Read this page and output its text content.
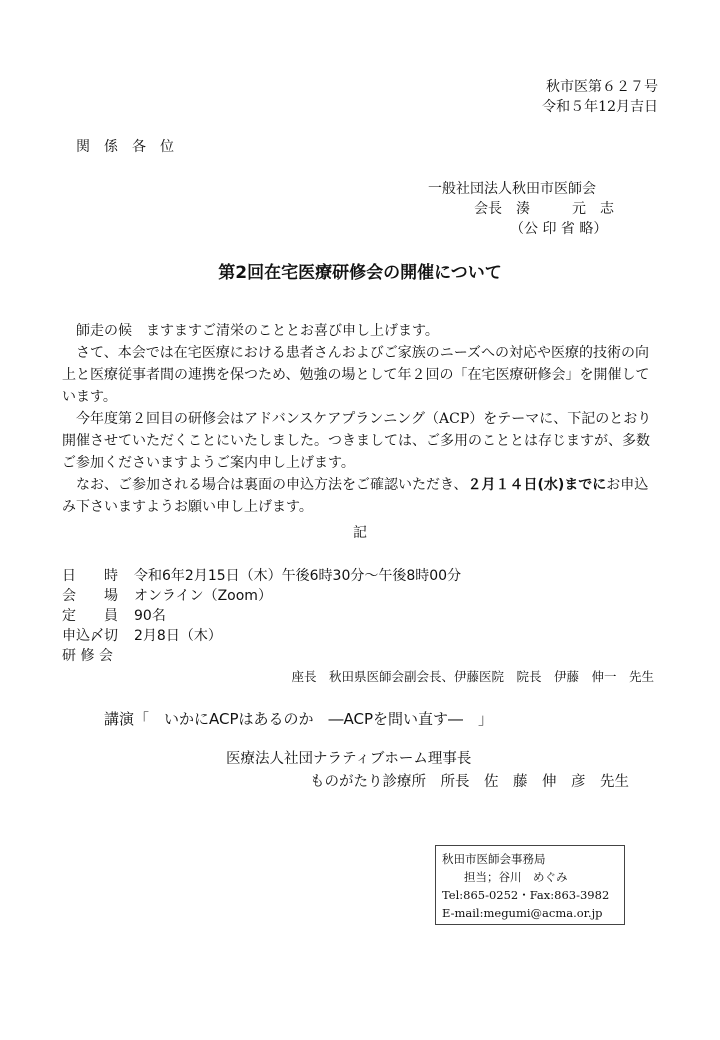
秋市医第６２７号
令和５年12月吉日
関　係　各　位
一般社団法人秋田市医師会
会長　湊　　　元　志
（公 印 省 略）
第2回在宅医療研修会の開催について

師走の候　ますますご清栄のこととお喜び申し上げます。

さて、本会では在宅医療における患者さんおよびご家族のニーズへの対応や医療的技術の向上と医療従事者間の連携を保つため、勉強の場として年２回の「在宅医療研修会」を開催しています。

今年度第２回目の研修会はアドバンスケアプランニング（ACP）をテーマに、下記のとおり開催させていただくことにいたしました。つきましては、ご多用のこととは存じますが、多数ご参加くださいますようご案内申し上げます。

なお、ご参加される場合は裏面の申込方法をご確認いただき、２月１４日(水)までにお申込み下さいますようお願い申し上げます。

記
日　　時 令和6年2月15日（木）午後6時30分～午後8時00分
会　　場 オンライン（Zoom）
定　　員 90名
申込〆切 2月8日（木）
研 修 会
座長　秋田県医師会副会長、伊藤医院　院長　伊藤　伸一　先生
講演「　いかにACPはあるのか　―ACPを問い直す―　」
医療法人社団ナラティブホーム理事長
ものがたり診療所　所長　佐　藤　伸　彦　先生
秋田市医師会事務局
担当；谷川　めぐみ
Tel:865-0252・Fax:863-3982
E-mail:megumi@acma.or.jp
